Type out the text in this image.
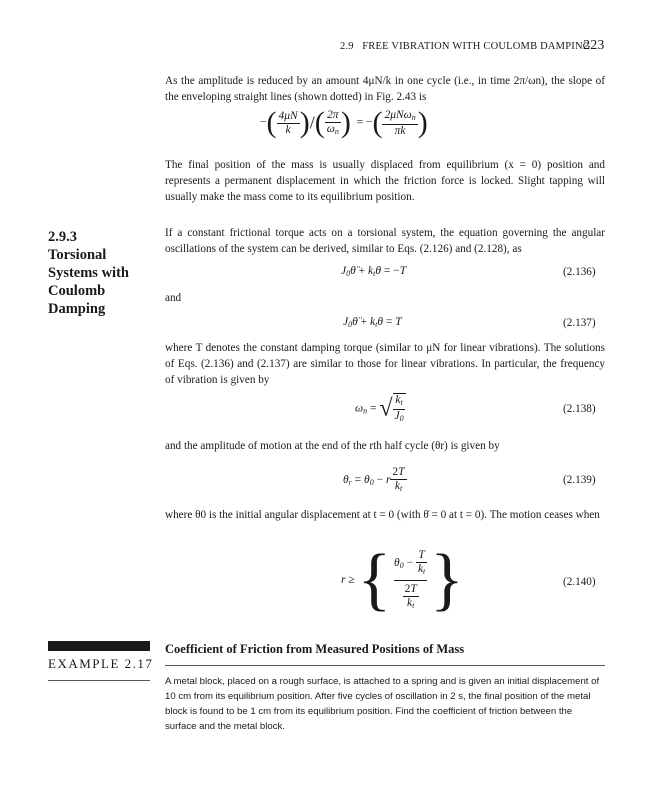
2.9 FREE VIBRATION WITH COULOMB DAMPING
223

As the amplitude is reduced by an amount 4μN/k in one cycle (i.e., in time 2π/ωn), the slope of the enveloping straight lines (shown dotted) in Fig. 2.43 is

−( $\frac{4\mu N}{k}$ )/( $\frac{2\pi}{\omega_n}$ )  = −( $\frac{2\mu N\omega_n}{\pi k}$ )

The final position of the mass is usually displaced from equilibrium (x = 0) position and represents a permanent displacement in which the friction force is locked. Slight tapping will usually make the mass come to its equilibrium position.

2.9.3
Torsional
Systems with
Coulomb
Damping

If a constant frictional torque acts on a torsional system, the equation governing the angular oscillations of the system can be derived, similar to Eqs. (2.126) and (2.128), as

$J_0\thetä + k_t\theta = -T$	(2.136)
and
$J_0\thetä + k_t\theta = T$	(2.137)

where T denotes the constant damping torque (similar to μN for linear vibrations). The solutions of Eqs. (2.136) and (2.137) are similar to those for linear vibrations. In particular, the frequency of vibration is given by

$\omega_n$ = √ $\frac{k_t}{J_0}$	(2.138)

and the amplitude of motion at the end of the rth half cycle (θr) is given by

$\theta_r = \theta_0 - r \frac{2T}{k_t}$	(2.139)

where θ0 is the initial angular displacement at t = 0 (with θ̇ = 0 at t = 0). The motion ceases when

r ≥ { $\theta_0 - \frac{T}{k_t}$
$\frac{2T}{k_t}$ }	(2.140)
EXAMPLE 2.17
Coefficient of Friction from Measured Positions of Mass

A metal block, placed on a rough surface, is attached to a spring and is given an initial displacement of 10 cm from its equilibrium position. After five cycles of oscillation in 2 s, the final position of the metal block is found to be 1 cm from its equilibrium position. Find the coefficient of friction between the surface and the metal block.
